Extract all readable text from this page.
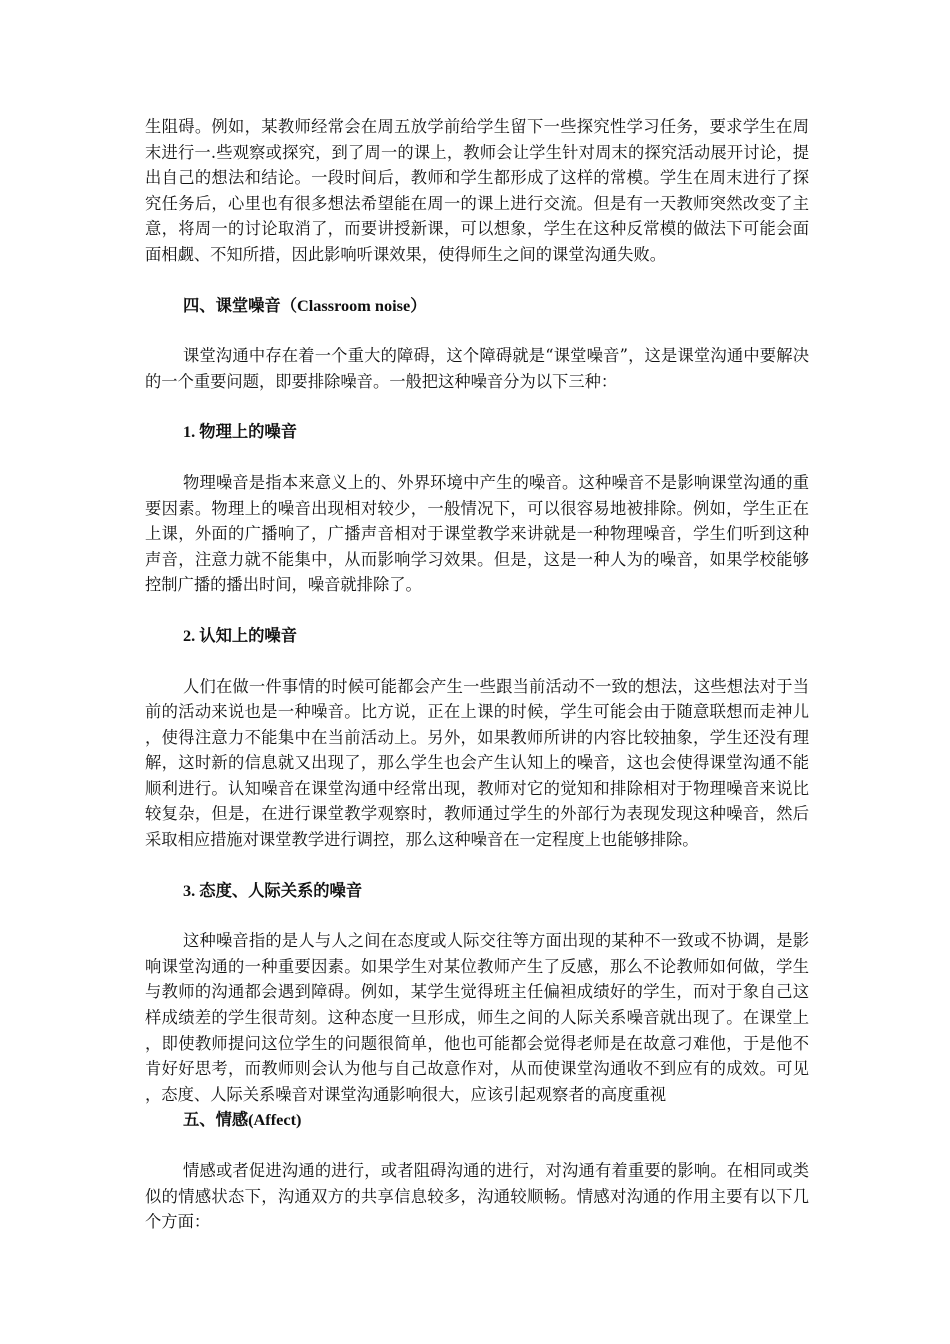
生阻碍。例如，某教师经常会在周五放学前给学生留下一些探究性学习任务，要求学生在周末进行一.些观察或探究，到了周一的课上，教师会让学生针对周末的探究活动展开讨论，提出自己的想法和结论。一段时间后，教师和学生都形成了这样的常模。学生在周末进行了探究任务后，心里也有很多想法希望能在周一的课上进行交流。但是有一天教师突然改变了主意，将周一的讨论取消了，而要讲授新课，可以想象，学生在这种反常模的做法下可能会面面相觑、不知所措，因此影响听课效果，使得师生之间的课堂沟通失败。

四、课堂噪音（Classroom noise）

课堂沟通中存在着一个重大的障碍，这个障碍就是“课堂噪音”，这是课堂沟通中要解决的一个重要问题，即要排除噪音。一般把这种噪音分为以下三种：

1. 物理上的噪音

物理噪音是指本来意义上的、外界环境中产生的噪音。这种噪音不是影响课堂沟通的重要因素。物理上的噪音出现相对较少，一般情况下，可以很容易地被排除。例如，学生正在上课，外面的广播响了，广播声音相对于课堂教学来讲就是一种物理噪音，学生们听到这种声音，注意力就不能集中，从而影响学习效果。但是，这是一种人为的噪音，如果学校能够控制广播的播出时间，噪音就排除了。

2. 认知上的噪音

人们在做一件事情的时候可能都会产生一些跟当前活动不一致的想法，这些想法对于当前的活动来说也是一种噪音。比方说，正在上课的时候，学生可能会由于随意联想而走神儿，使得注意力不能集中在当前活动上。另外，如果教师所讲的内容比较抽象，学生还没有理解，这时新的信息就又出现了，那么学生也会产生认知上的噪音，这也会使得课堂沟通不能顺利进行。认知噪音在课堂沟通中经常出现，教师对它的觉知和排除相对于物理噪音来说比较复杂，但是，在进行课堂教学观察时，教师通过学生的外部行为表现发现这种噪音，然后采取相应措施对课堂教学进行调控，那么这种噪音在一定程度上也能够排除。

3. 态度、人际关系的噪音

这种噪音指的是人与人之间在态度或人际交往等方面出现的某种不一致或不协调，是影响课堂沟通的一种重要因素。如果学生对某位教师产生了反感，那么不论教师如何做，学生与教师的沟通都会遇到障碍。例如，某学生觉得班主任偏袒成绩好的学生，而对于象自己这样成绩差的学生很苛刻。这种态度一旦形成，师生之间的人际关系噪音就出现了。在课堂上，即使教师提问这位学生的问题很简单，他也可能都会觉得老师是在故意刁难他，于是他不肯好好思考，而教师则会认为他与自己故意作对，从而使课堂沟通收不到应有的成效。可见，态度、人际关系噪音对课堂沟通影响很大，应该引起观察者的高度重视

五、情感(Affect)

情感或者促进沟通的进行，或者阻碍沟通的进行，对沟通有着重要的影响。在相同或类似的情感状态下，沟通双方的共享信息较多，沟通较顺畅。情感对沟通的作用主要有以下几个方面：
